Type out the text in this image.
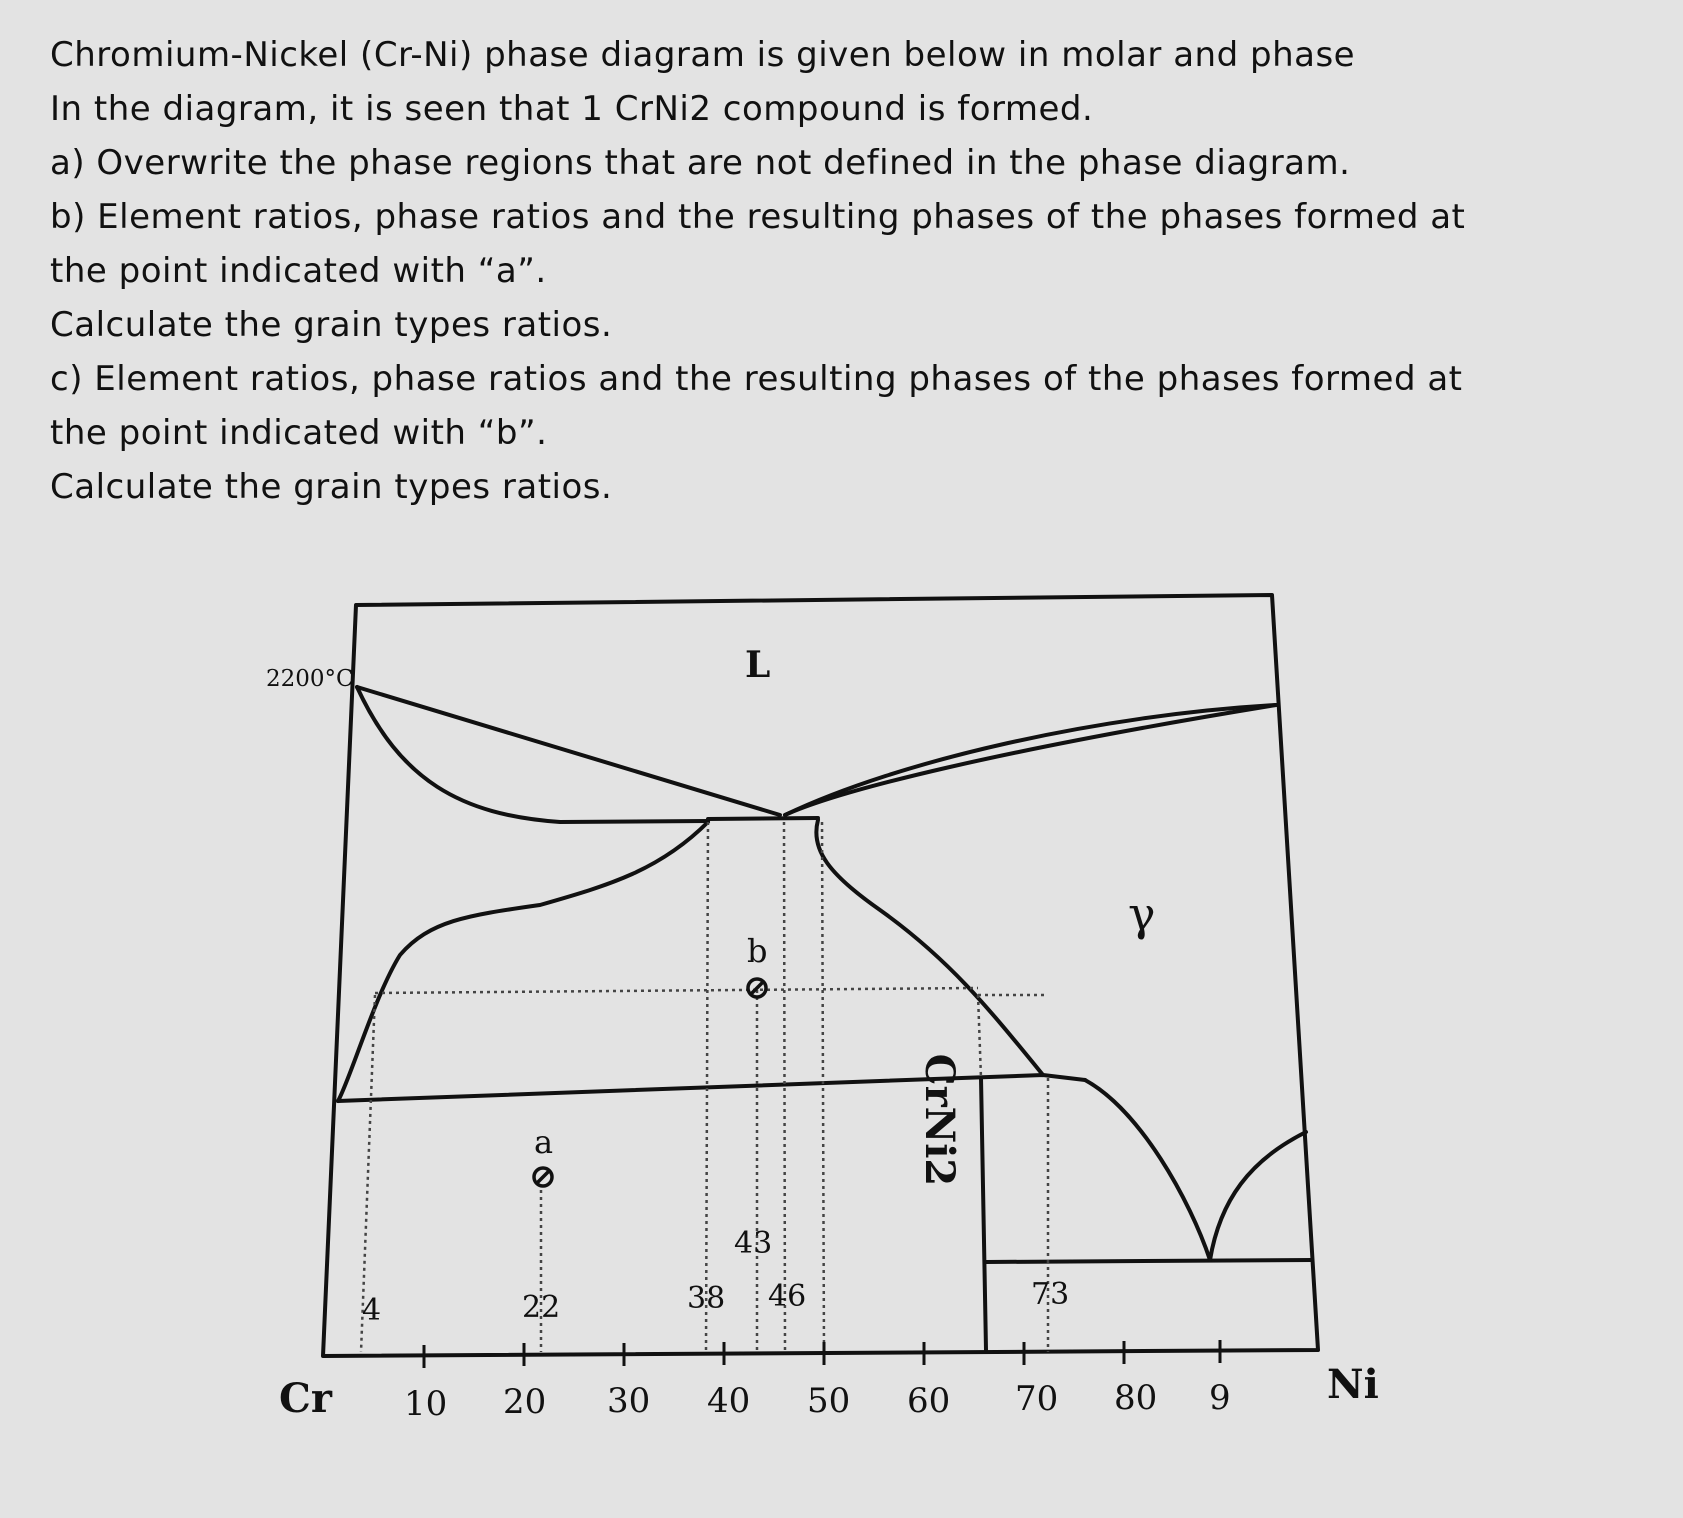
Chromium-Nickel (Cr-Ni) phase diagram is given below in molar and phase
In the diagram, it is seen that 1 CrNi2 compound is formed.
a) Overwrite the phase regions that are not defined in the phase diagram.
b) Element ratios, phase ratios and the resulting phases of the phases formed at
the point indicated with “a”.
Calculate the grain types ratios.
c) Element ratios, phase ratios and the resulting phases of the phases formed at
the point indicated with “b”.
Calculate the grain types ratios.
2200°C	L
γ
CrNi2
a
b
4	22	38
43
46	73
Cr	Ni
10 20 30 40 50 60 70 80 9
